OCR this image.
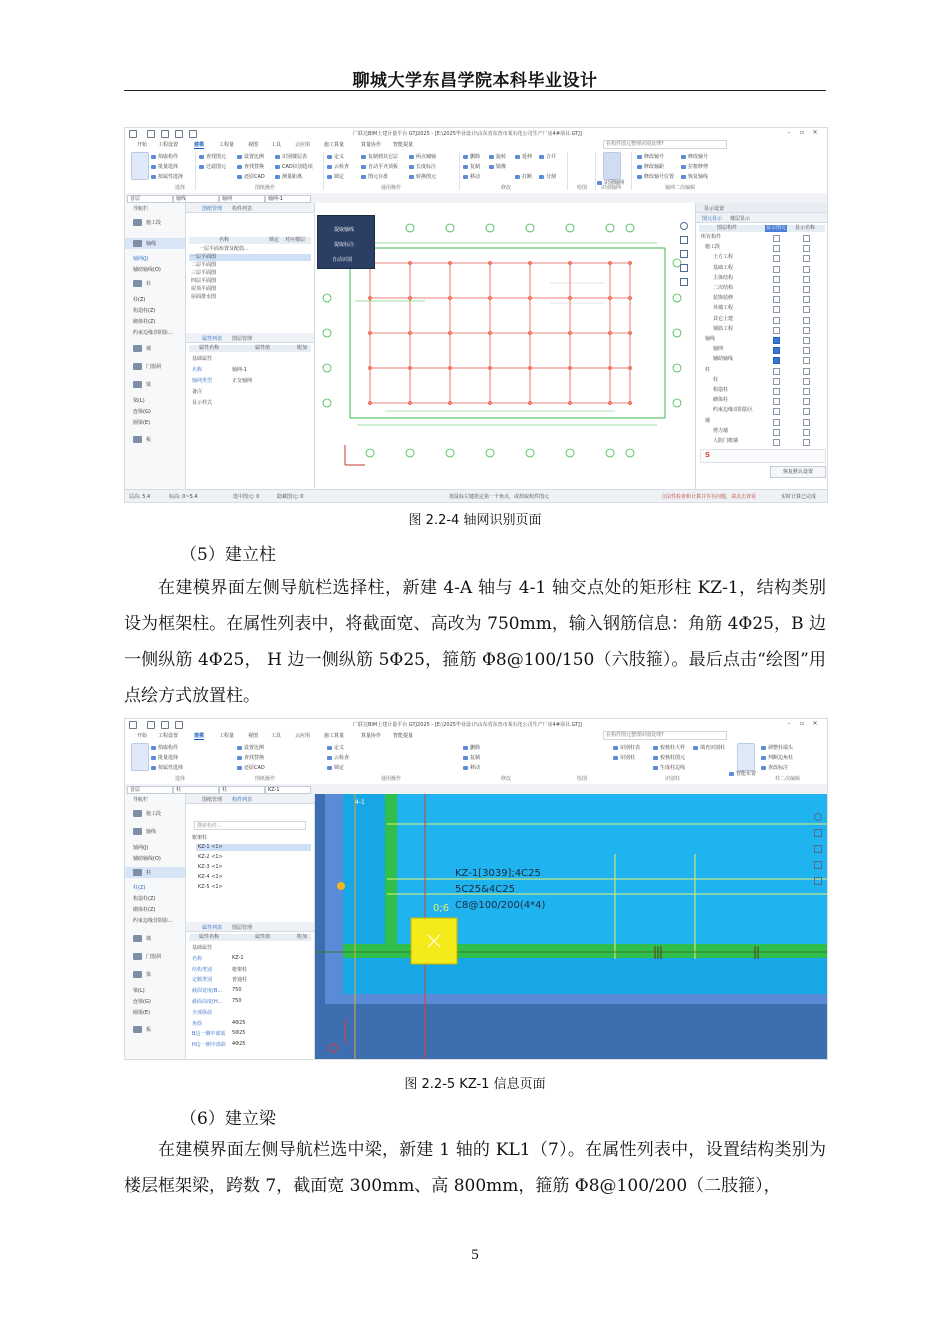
聊城大学东昌学院本科毕业设计
广联达BIM土建计量平台 GTJ2025 - [E:\2025毕业设计\山东省东营市某石化公司生产厂房4#项目.GTJ]	–	▫	✕
开始 工程设置	建模	工程量	视图	工具	云应用	施工算量	算量协作 智能提量	在构件图元整理识别处理?
拾取构件
批量选择
按属性选择
选择
查找图元
过滤图元
设置比例
查找替换
还原CAD
识别楼层表
CAD识别选项
测量距离
图纸操作
定义
云检查
锁定
复制到其它层
自动平齐顶板
图元存盘
两点辅轴
长度标注
转换图元
通用操作
删除
复制
移动
旋转
镜像
延伸
打断
合并
分割
修改	绘图
识别轴网
识别轴网
修改轴号
修改轴距
修改轴号位置
修改轴号
拉框修剪
恢复轴线
轴网二次编辑
首层	轴线	轴网	轴网-1
导航栏
施工段
轴线
轴网(J)
辅助轴线(O)
柱
柱(Z)
构造柱(Z)
砌体柱(Z)
约束边缘非阴影...
墙
门窗洞
梁
梁(L)
连梁(G)
圈梁(E)
板
图纸管理 构件列表
名称	锁定 对应楼层
一层平面布置及配筋...
一层平面图
二层平面图
三层平面图
四层平面图
屋顶平面图
屋面排水图
属性列表 图层管理
属性名称	属性值	附加
基础属性
名称	轴网-1
轴网类型	正交轴网
备注
显示样式
提取轴线
提取标注
自动识别
显示设置
图元显示 楼层显示
图层构件	显示图元 显示名称
所有构件
施工段
土方工程
基础工程
主体结构
二次结构
装饰装修
外墙工程
其它土建
钢筋工程
轴线
轴网
辅助轴线
柱
柱
构造柱
砌体柱
约束边缘非阴影区
墙
剪力墙
人防门框墙
S
恢复默认设置
层高: 5.4	标高: 0~5.4	选中图元: 0	隐藏图元: 0	按鼠标左键指定第一个角点，或拾取构件图元	合法性检查和计算并存在问题，请点击查看	实时计算已完成
图 2.2-4 轴网识别页面
（5）建立柱

在建模界面左侧导航栏选择柱，新建 4-A 轴与 4-1 轴交点处的矩形柱 KZ-1，结构类别设为框架柱。在属性列表中，将截面宽、高改为 750mm，输入钢筋信息：角筋 4Φ25，B 边一侧纵筋 4Φ25， H 边一侧纵筋 5Φ25，箍筋 Φ8@100/150（六肢箍）。最后点击“绘图”用点绘方式放置柱。

广联达BIM土建计量平台 GTJ2025 - [E:\2025毕业设计\山东省东营市某石化公司生产厂房4#项目.GTJ]	–	▫	✕
开始 工程设置	建模	工程量	视图	工具	云应用	施工算量	算量协作 智能提量	在构件图元整理识别处理?
拾取构件
批量选择
按属性选择
选择
设置比例
查找替换
还原CAD
图纸操作
定义
云检查
锁定
通用操作
删除
复制
移动
修改	绘图
识别柱表	校核柱大样	填充识别柱
识别柱	校核柱图元
生成柱边线
识别柱
智能布置
调整柱端头
判断边角柱
查改标注
柱二次编辑
首层	柱	柱	KZ-1
导航栏
施工段
轴线
轴网(J)
辅助轴线(O)
柱
柱(Z)
构造柱(Z)
砌体柱(Z)
约束边缘非阴影...
墙
门窗洞
梁
梁(L)
连梁(G)
圈梁(E)
板
图纸管理 构件列表
搜索构件...
框架柱
KZ-1 <1>
KZ-2 <1>
KZ-3 <1>
KZ-4 <1>
KZ-5 <1>
属性列表 图层管理
属性名称	属性值	附加
基础属性
名称	KZ-1
结构类别	框架柱
定额类别	普通柱
截面宽度(B... 750
截面高度(H... 750
全部纵筋
角筋	4Φ25
B边一侧中部筋 5Φ25
H边一侧中部筋 4Φ25
0;6
KZ-1[3039];4C25
5C25&4C25
C8@100/200(4*4)
4-1
图 2.2-5 KZ-1 信息页面
（6）建立梁

在建模界面左侧导航栏选中梁，新建 1 轴的 KL1（7）。在属性列表中，设置结构类别为楼层框架梁，跨数 7，截面宽 300mm、高 800mm，箍筋 Φ8@100/200（二肢箍），

5
